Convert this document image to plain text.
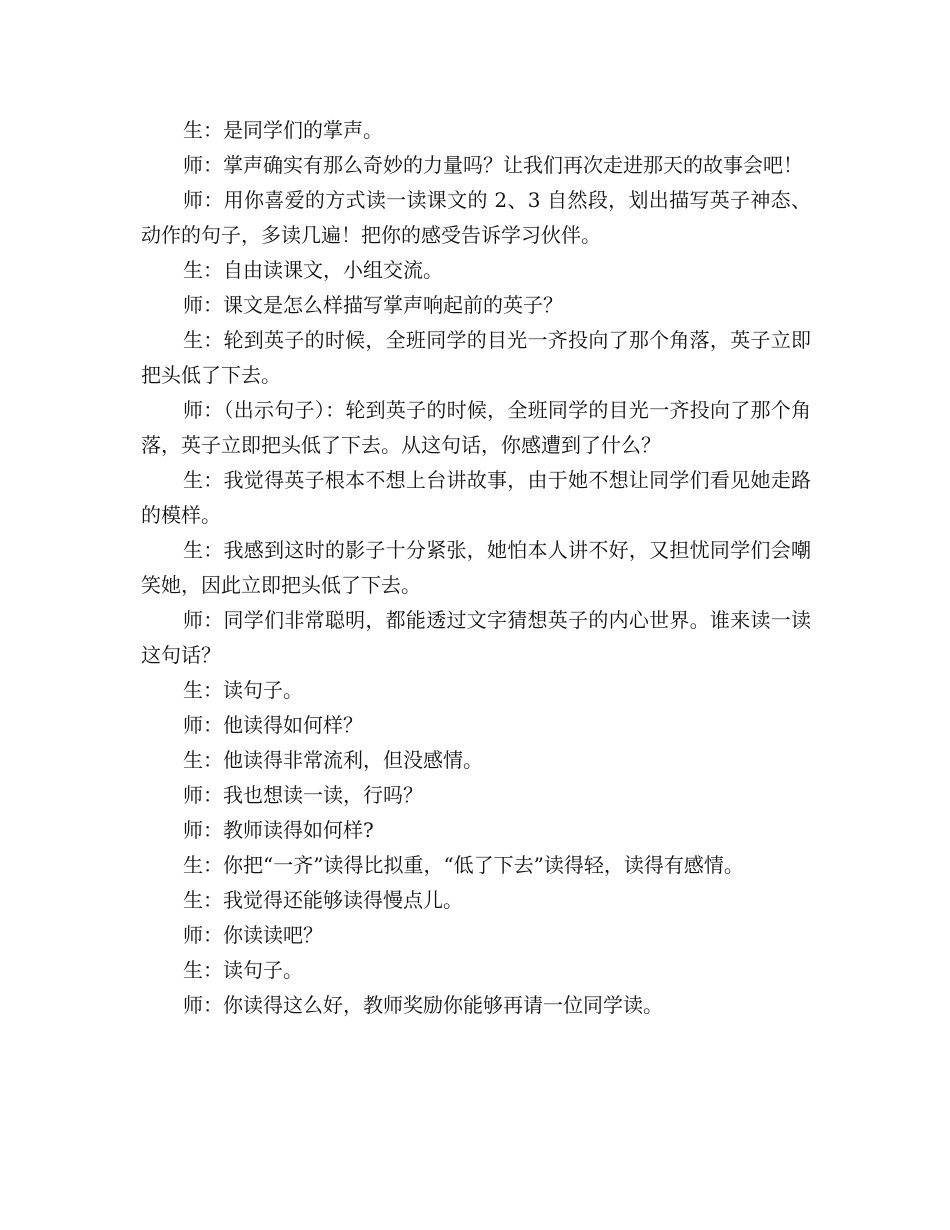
生：是同学们的掌声。

师：掌声确实有那么奇妙的力量吗？让我们再次走进那天的故事会吧！

师：用你喜爱的方式读一读课文的 2、3 自然段，划出描写英子神态、动作的句子，多读几遍！把你的感受告诉学习伙伴。

生：自由读课文，小组交流。

师：课文是怎么样描写掌声响起前的英子？

生：轮到英子的时候，全班同学的目光一齐投向了那个角落，英子立即把头低了下去。

师：（出示句子）：轮到英子的时候，全班同学的目光一齐投向了那个角落，英子立即把头低了下去。从这句话，你感遭到了什么？

生：我觉得英子根本不想上台讲故事，由于她不想让同学们看见她走路的模样。

生：我感到这时的影子十分紧张，她怕本人讲不好，又担忧同学们会嘲笑她，因此立即把头低了下去。

师：同学们非常聪明，都能透过文字猜想英子的内心世界。谁来读一读这句话？

生：读句子。

师：他读得如何样？

生：他读得非常流利，但没感情。

师：我也想读一读，行吗？

师：教师读得如何样?

生：你把“一齐”读得比拟重，“低了下去”读得轻，读得有感情。

生：我觉得还能够读得慢点儿。

师：你读读吧？

生：读句子。

师：你读得这么好，教师奖励你能够再请一位同学读。
